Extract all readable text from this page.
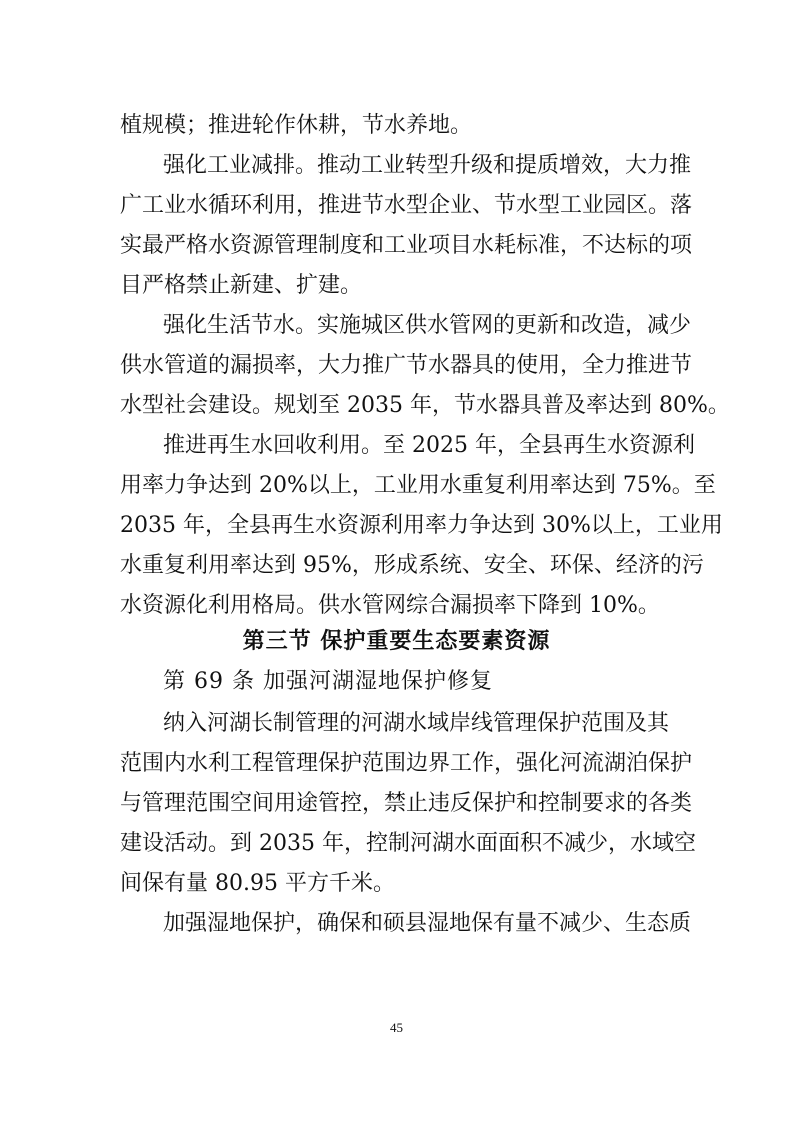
植规模；推进轮作休耕，节水养地。
强化工业减排。推动工业转型升级和提质增效，大力推
广工业水循环利用，推进节水型企业、节水型工业园区。落
实最严格水资源管理制度和工业项目水耗标准，不达标的项
目严格禁止新建、扩建。
强化生活节水。实施城区供水管网的更新和改造，减少
供水管道的漏损率，大力推广节水器具的使用，全力推进节
水型社会建设。规划至 2035 年，节水器具普及率达到 80%。
推进再生水回收利用。至 2025 年，全县再生水资源利
用率力争达到 20%以上，工业用水重复利用率达到 75%。至
2035 年，全县再生水资源利用率力争达到 30%以上，工业用
水重复利用率达到 95%，形成系统、安全、环保、经济的污
水资源化利用格局。供水管网综合漏损率下降到 10%。
第三节 保护重要生态要素资源
第 69 条 加强河湖湿地保护修复
纳入河湖长制管理的河湖水域岸线管理保护范围及其
范围内水利工程管理保护范围边界工作，强化河流湖泊保护
与管理范围空间用途管控，禁止违反保护和控制要求的各类
建设活动。到 2035 年，控制河湖水面面积不减少，水域空
间保有量 80.95 平方千米。
加强湿地保护，确保和硕县湿地保有量不减少、生态质
45
